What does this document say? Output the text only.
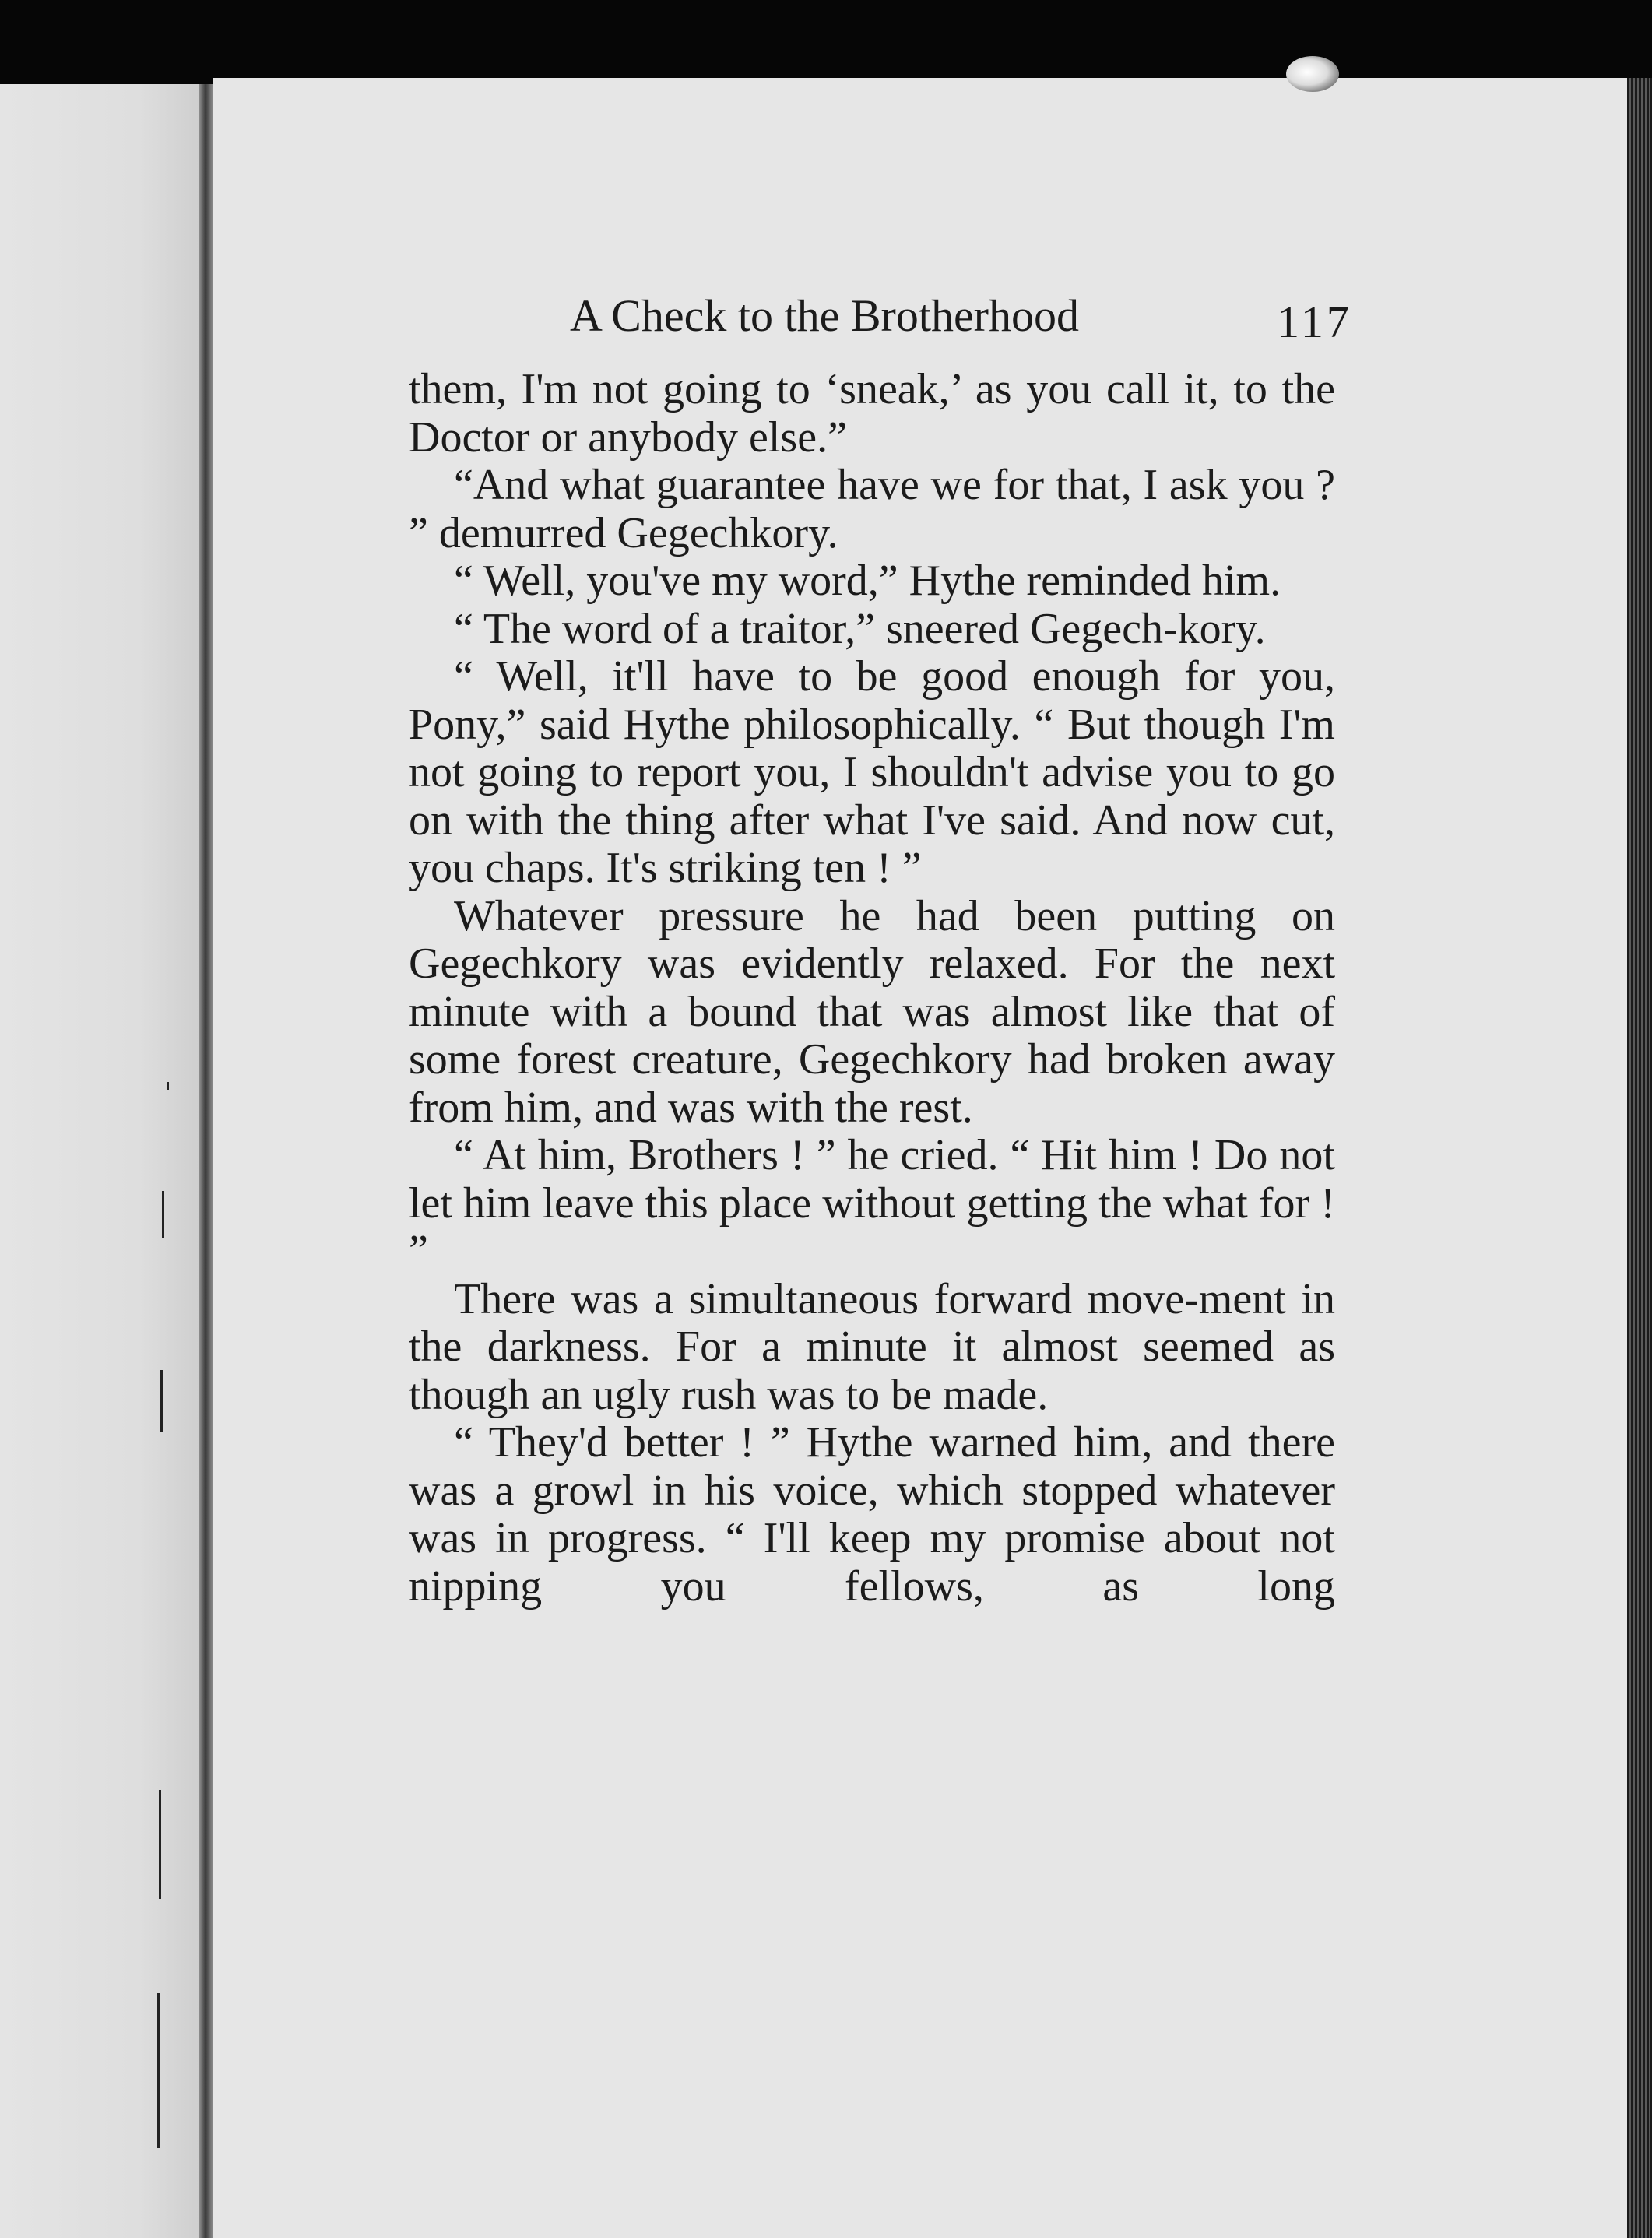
A Check to the Brotherhood	117

them, I'm not going to ‘sneak,’ as you call it, to the Doctor or anybody else.”

“And what guarantee have we for that, I ask you ? ” demurred Gegechkory.

“ Well, you've my word,” Hythe reminded him.

“ The word of a traitor,” sneered Gegech-kory.

“ Well, it'll have to be good enough for you, Pony,” said Hythe philosophically. “ But though I'm not going to report you, I shouldn't advise you to go on with the thing after what I've said. And now cut, you chaps. It's striking ten ! ”

Whatever pressure he had been putting on Gegechkory was evidently relaxed. For the next minute with a bound that was almost like that of some forest creature, Gegechkory had broken away from him, and was with the rest.

“ At him, Brothers ! ” he cried. “ Hit him ! Do not let him leave this place without getting the what for ! ”

There was a simultaneous forward move-ment in the darkness. For a minute it almost seemed as though an ugly rush was to be made.

“ They'd better ! ” Hythe warned him, and there was a growl in his voice, which stopped whatever was in progress. “ I'll keep my promise about not nipping you fellows, as long
